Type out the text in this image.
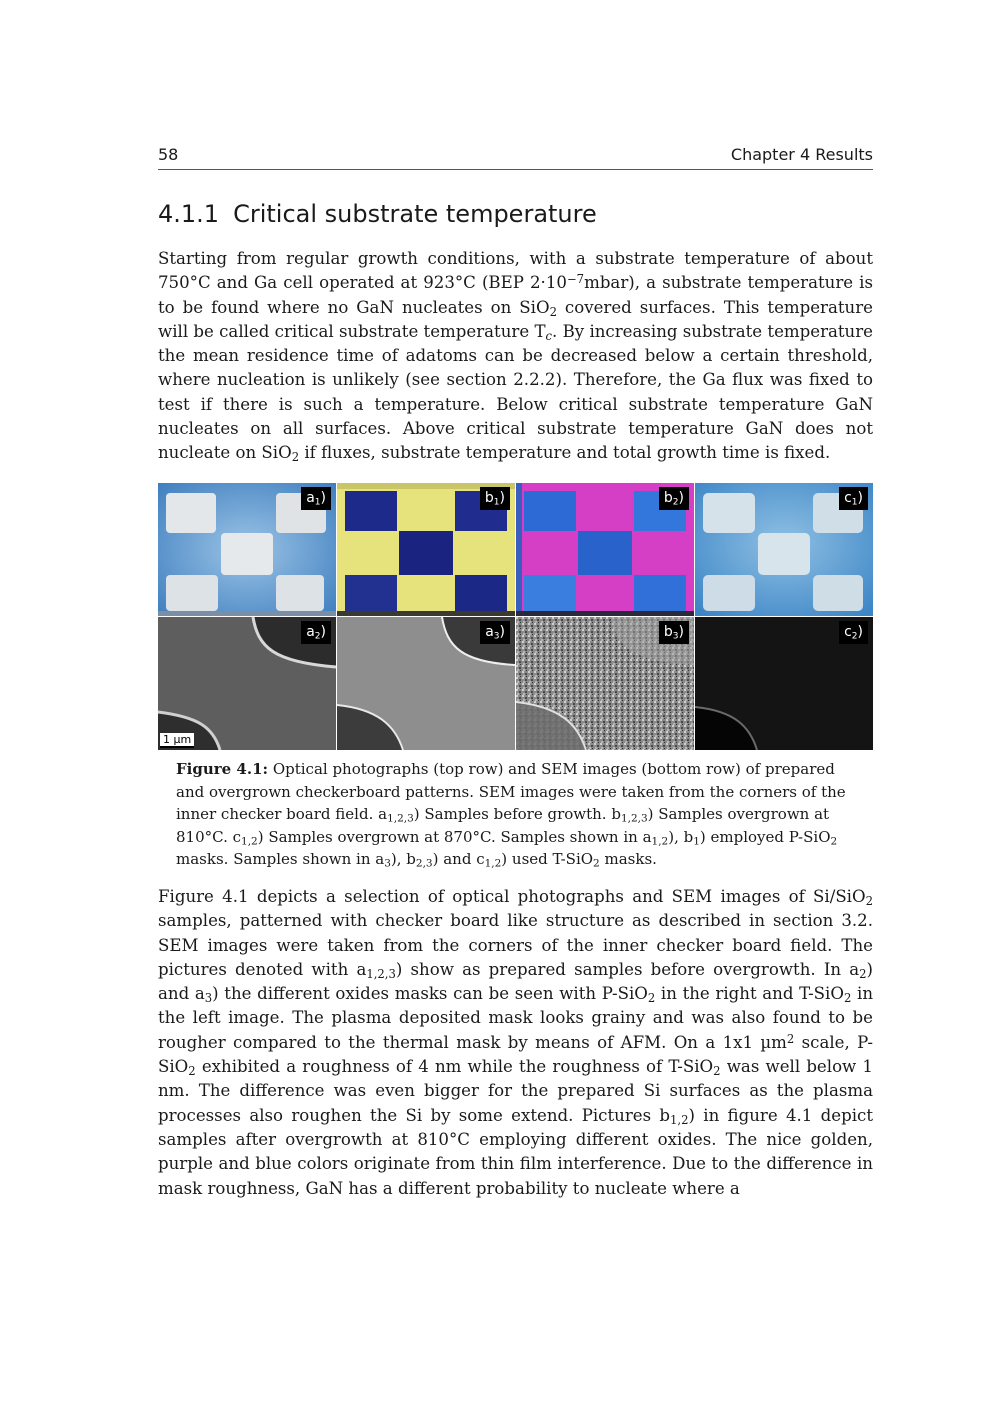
58	Chapter 4 Results
4.1.1 Critical substrate temperature

Starting from regular growth conditions, with a substrate temperature of about 750°C and Ga cell operated at 923°C (BEP $2\cdot 10^{-7}mbar$), a substrate temperature is to be found where no GaN nucleates on SiO$_2$ covered surfaces. This temperature will be called critical substrate temperature $T_c$. By increasing substrate temperature the mean residence time of adatoms can be decreased below a certain threshold, where nucleation is unlikely (see section 2.2.2). Therefore, the Ga flux was fixed to test if there is such a temperature. Below critical substrate temperature GaN nucleates on all surfaces. Above critical substrate temperature GaN does not nucleate on SiO$_2$ if fluxes, substrate temperature and total growth time is fixed.

$a_1$)	$b_1$)	$b_2$)	$c_1$)
$a_2$)
1 µm
$a_3$)	$b_3$)	$c_2$)

Figure 4.1: Optical photographs (top row) and SEM images (bottom row) of prepared and overgrown checkerboard patterns. SEM images were taken from the corners of the inner checker board field. $a_{1,2,3}$) Samples before growth. $b_{1,2,3}$) Samples overgrown at 810°C. $c_{1,2}$) Samples overgrown at 870°C. Samples shown in $a_{1,2}$), $b_1$) employed P-SiO$_2$ masks. Samples shown in $a_3$), $b_{2,3}$) and $c_{1,2}$) used T-SiO$_2$ masks.

Figure 4.1 depicts a selection of optical photographs and SEM images of Si/SiO$_2$ samples, patterned with checker board like structure as described in section 3.2. SEM images were taken from the corners of the inner checker board field. The pictures denoted with $a_{1,2,3}$) show as prepared samples before overgrowth. In $a_2$) and $a_3$) the different oxides masks can be seen with P-SiO$_2$ in the right and T-SiO$_2$ in the left image. The plasma deposited mask looks grainy and was also found to be rougher compared to the thermal mask by means of AFM. On a 1x1 µm$^2$ scale, P-SiO$_2$ exhibited a roughness of 4 nm while the roughness of T-SiO$_2$ was well below 1 nm. The difference was even bigger for the prepared Si surfaces as the plasma processes also roughen the Si by some extend. Pictures $b_{1,2}$) in figure 4.1 depict samples after overgrowth at 810°C employing different oxides. The nice golden, purple and blue colors originate from thin film interference. Due to the difference in mask roughness, GaN has a different probability to nucleate where a
